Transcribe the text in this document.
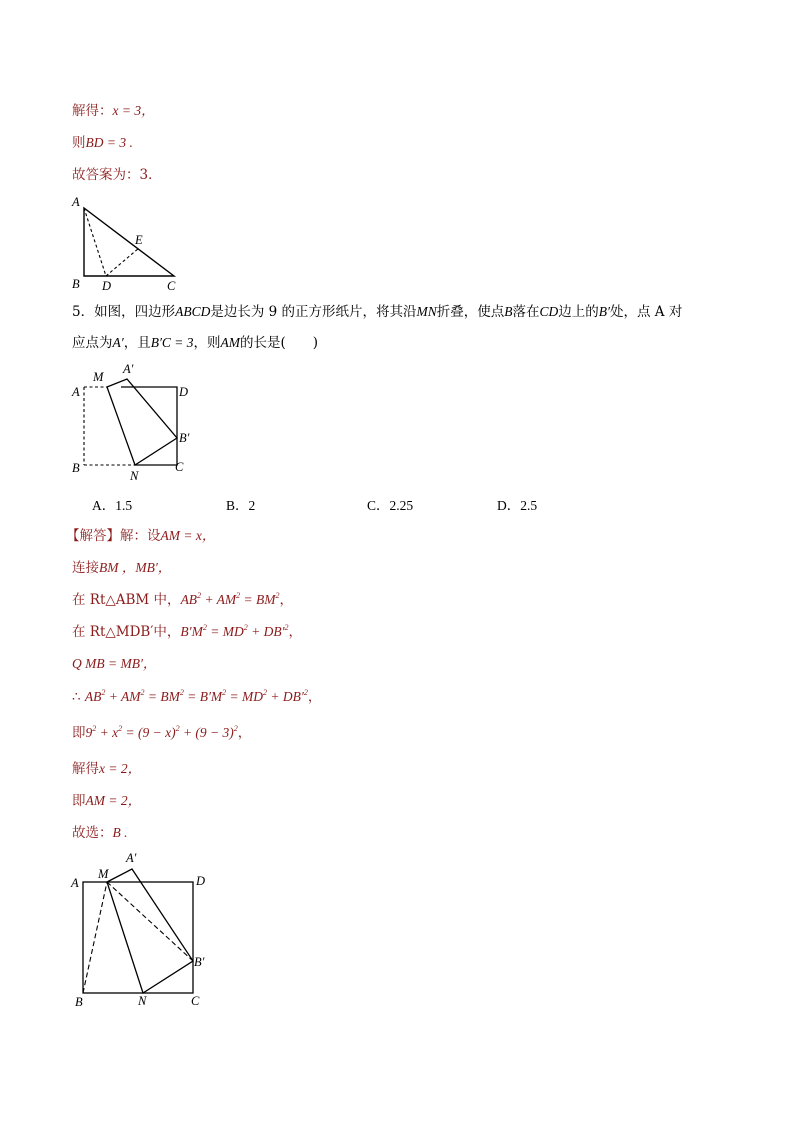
解得：x = 3，
则BD = 3 .
故答案为：3．
A
E
B D	C
5．如图，四边形ABCD是边长为 9 的正方形纸片，将其沿MN折叠，使点B落在CD边上的B′处，点 A 对
应点为A′，且B′C = 3，则AM的长是(　　)
M
A′
A	D
B′
B	C
N
A．1.5	B．2	C．2.25	D．2.5
【解答】解：设AM = x，
连接BM ，MB′，
在 Rt△ABM 中，$AB^2 + AM^2 = BM^2$，
在 Rt△MDB′中，$B'M^2 = MD^2 + DB'^2$，
Q MB = MB′，
∴ $AB^2 + AM^2 = BM^2 = B'M^2 = MD^2 + DB'^2$，
即$9^2 + x^2 = (9 - x)^2 + (9 - 3)^2$，
解得x = 2，
即AM = 2，
故选：B .
A′
M
A	D
B′
B	N	C
